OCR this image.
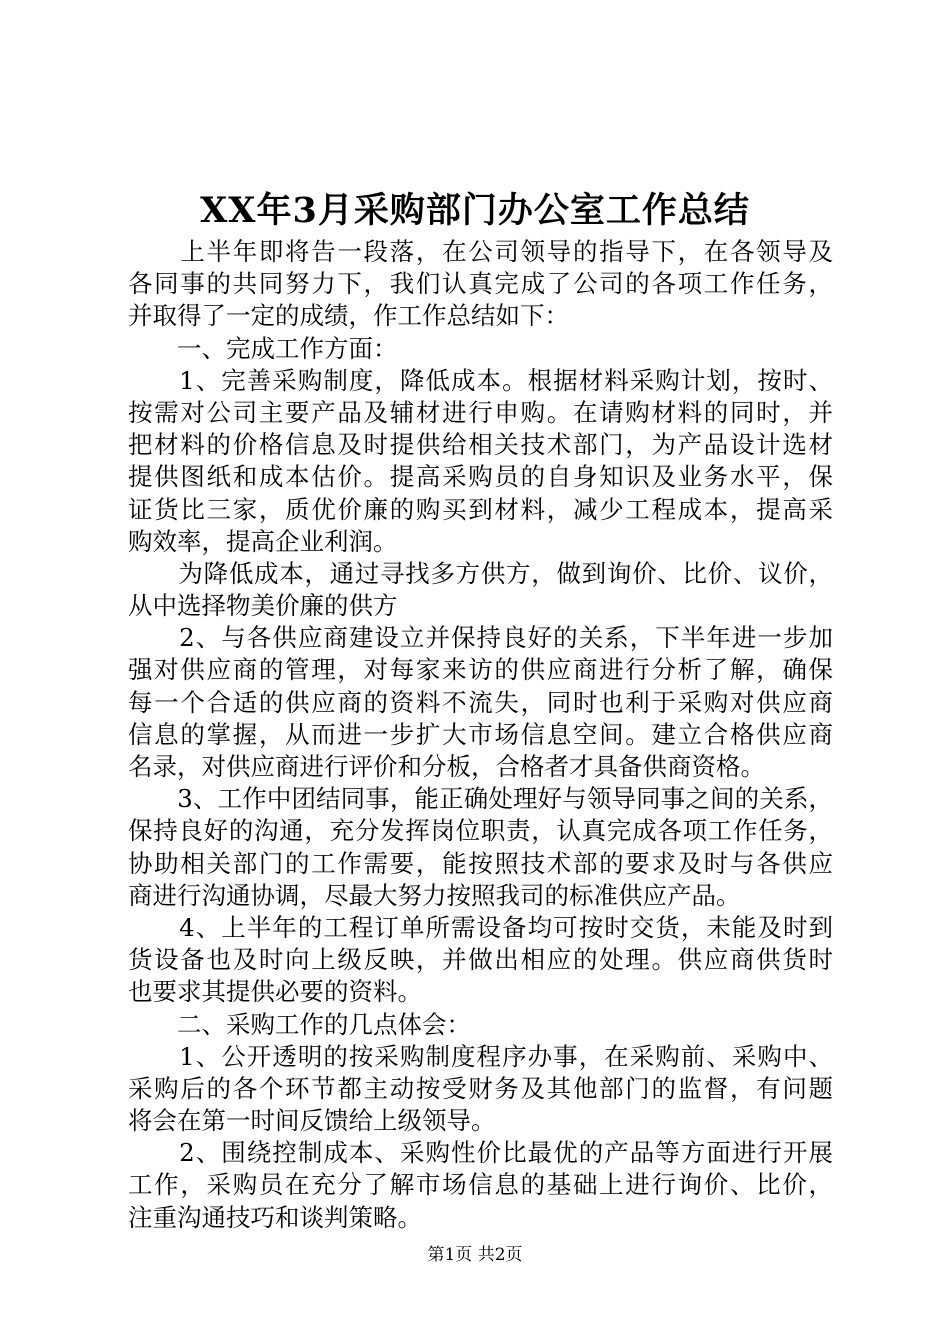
XX年3月采购部门办公室工作总结
　　上半年即将告一段落，在公司领导的指导下，在各领导及
各同事的共同努力下，我们认真完成了公司的各项工作任务，
并取得了一定的成绩，作工作总结如下：
　　一、完成工作方面：
　　1、完善采购制度，降低成本。根据材料采购计划，按时、
按需对公司主要产品及辅材进行申购。在请购材料的同时，并
把材料的价格信息及时提供给相关技术部门，为产品设计选材
提供图纸和成本估价。提高采购员的自身知识及业务水平，保
证货比三家，质优价廉的购买到材料，减少工程成本，提高采
购效率，提高企业利润。
　　为降低成本，通过寻找多方供方，做到询价、比价、议价，
从中选择物美价廉的供方
　　2、与各供应商建设立并保持良好的关系，下半年进一步加
强对供应商的管理，对每家来访的供应商进行分析了解，确保
每一个合适的供应商的资料不流失，同时也利于采购对供应商
信息的掌握，从而进一步扩大市场信息空间。建立合格供应商
名录，对供应商进行评价和分板，合格者才具备供商资格。
　　3、工作中团结同事，能正确处理好与领导同事之间的关系，
保持良好的沟通，充分发挥岗位职责，认真完成各项工作任务，
协助相关部门的工作需要，能按照技术部的要求及时与各供应
商进行沟通协调，尽最大努力按照我司的标准供应产品。
　　4、上半年的工程订单所需设备均可按时交货，未能及时到
货设备也及时向上级反映，并做出相应的处理。供应商供货时
也要求其提供必要的资料。
　　二、采购工作的几点体会：
　　1、公开透明的按采购制度程序办事，在采购前、采购中、
采购后的各个环节都主动按受财务及其他部门的监督，有问题
将会在第一时间反馈给上级领导。
　　2、围绕控制成本、采购性价比最优的产品等方面进行开展
工作，采购员在充分了解市场信息的基础上进行询价、比价，
注重沟通技巧和谈判策略。
第1页 共2页
